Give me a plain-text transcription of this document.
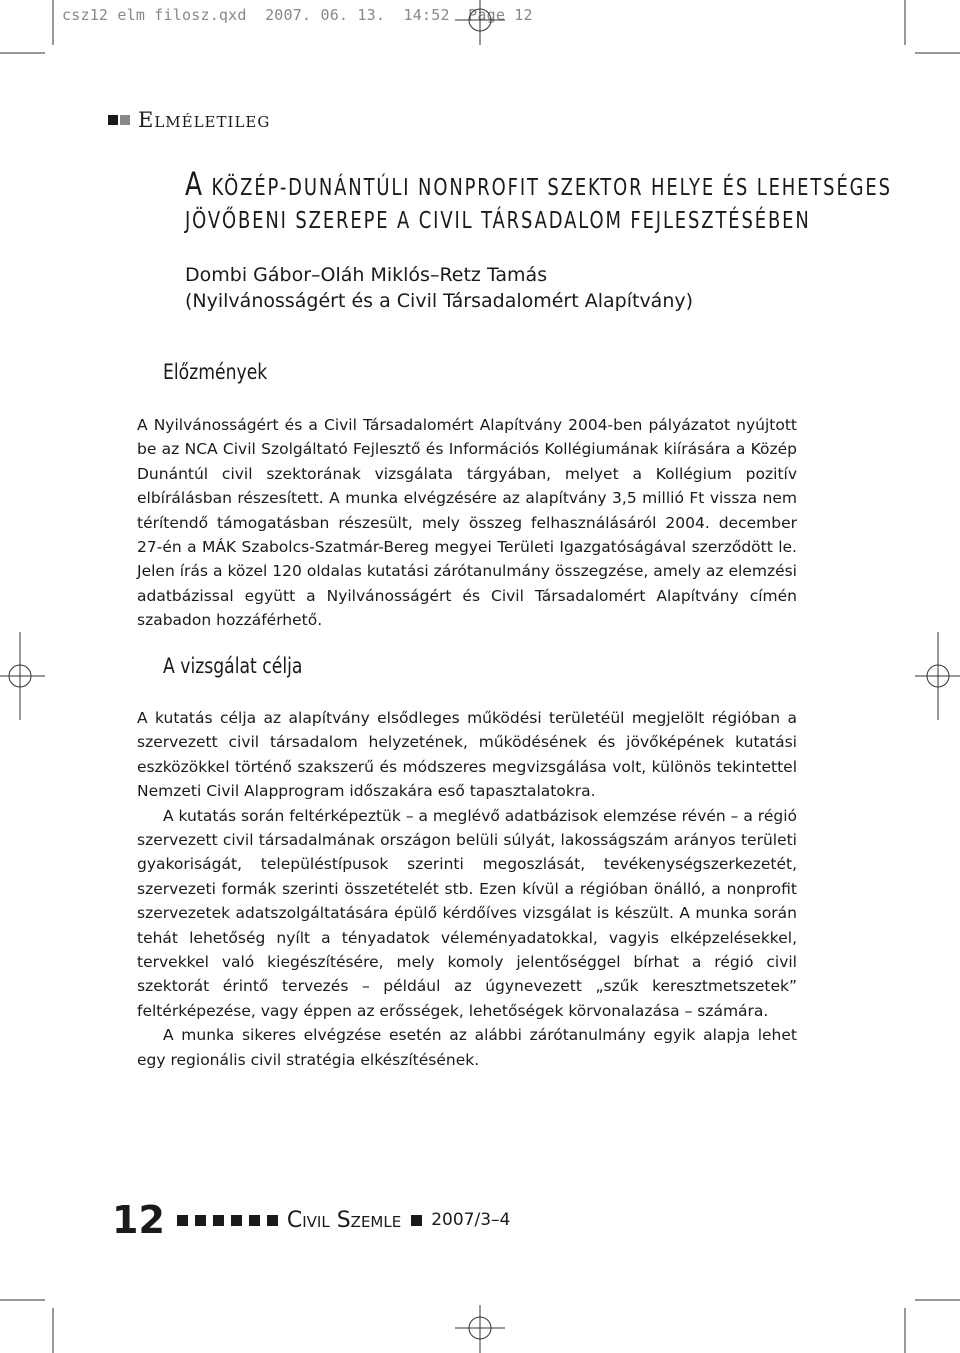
csz12 elm filosz.qxd  2007. 06. 13.  14:52  Page 12
Elméletileg
A KÖZÉP-DUNÁNTÚLI NONPROFIT SZEKTOR HELYE ÉS LEHETSÉGES
JÖVŐBENI SZEREPE A CIVIL TÁRSADALOM FEJLESZTÉSÉBEN
Dombi Gábor–Oláh Miklós–Retz Tamás
(Nyilvánosságért és a Civil Társadalomért Alapítvány)
Előzmények

A Nyilvánosságért és a Civil Társadalomért Alapítvány 2004-ben pályázatot nyújtott be az NCA Civil Szolgáltató Fejlesztő és Információs Kollégiumának kiírására a Közép Dunántúl civil szektorának vizsgálata tárgyában, melyet a Kollégium pozitív elbírálásban részesített. A munka elvégzésére az alapítvány 3,5 millió Ft vissza nem térítendő támogatásban részesült, mely összeg felhasználásáról 2004. december 27-én a MÁK Szabolcs-Szatmár-Bereg megyei Területi Igazgatóságával szerződött le. Jelen írás a közel 120 oldalas kutatási zárótanulmány összegzése, amely az elemzési adatbázissal együtt a Nyilvánosságért és Civil Társadalomért Alapítvány címén szabadon hozzáférhető.

A vizsgálat célja

A kutatás célja az alapítvány elsődleges működési területéül megjelölt régióban a szervezett civil társadalom helyzetének, működésének és jövőképének kutatási eszközökkel történő szakszerű és módszeres megvizsgálása volt, különös tekintettel Nemzeti Civil Alapprogram időszakára eső tapasztalatokra.

A kutatás során feltérképeztük – a meglévő adatbázisok elemzése révén – a régió szervezett civil társadalmának országon belüli súlyát, lakosságszám arányos területi gyakoriságát, településtípusok szerinti megoszlását, tevékenységszerkezetét, szervezeti formák szerinti összetételét stb. Ezen kívül a régióban önálló, a nonprofit szervezetek adatszolgáltatására épülő kérdőíves vizsgálat is készült. A munka során tehát lehetőség nyílt a tényadatok véleményadatokkal, vagyis elképzelésekkel, tervekkel való kiegészítésére, mely komoly jelentőséggel bírhat a régió civil szektorát érintő tervezés – például az úgynevezett „szűk keresztmetszetek” feltérképezése, vagy éppen az erősségek, lehetőségek körvonalazása – számára.

A munka sikeres elvégzése esetén az alábbi zárótanulmány egyik alapja lehet egy regionális civil stratégia elkészítésének.

12	Civil Szemle 2007/3–4
